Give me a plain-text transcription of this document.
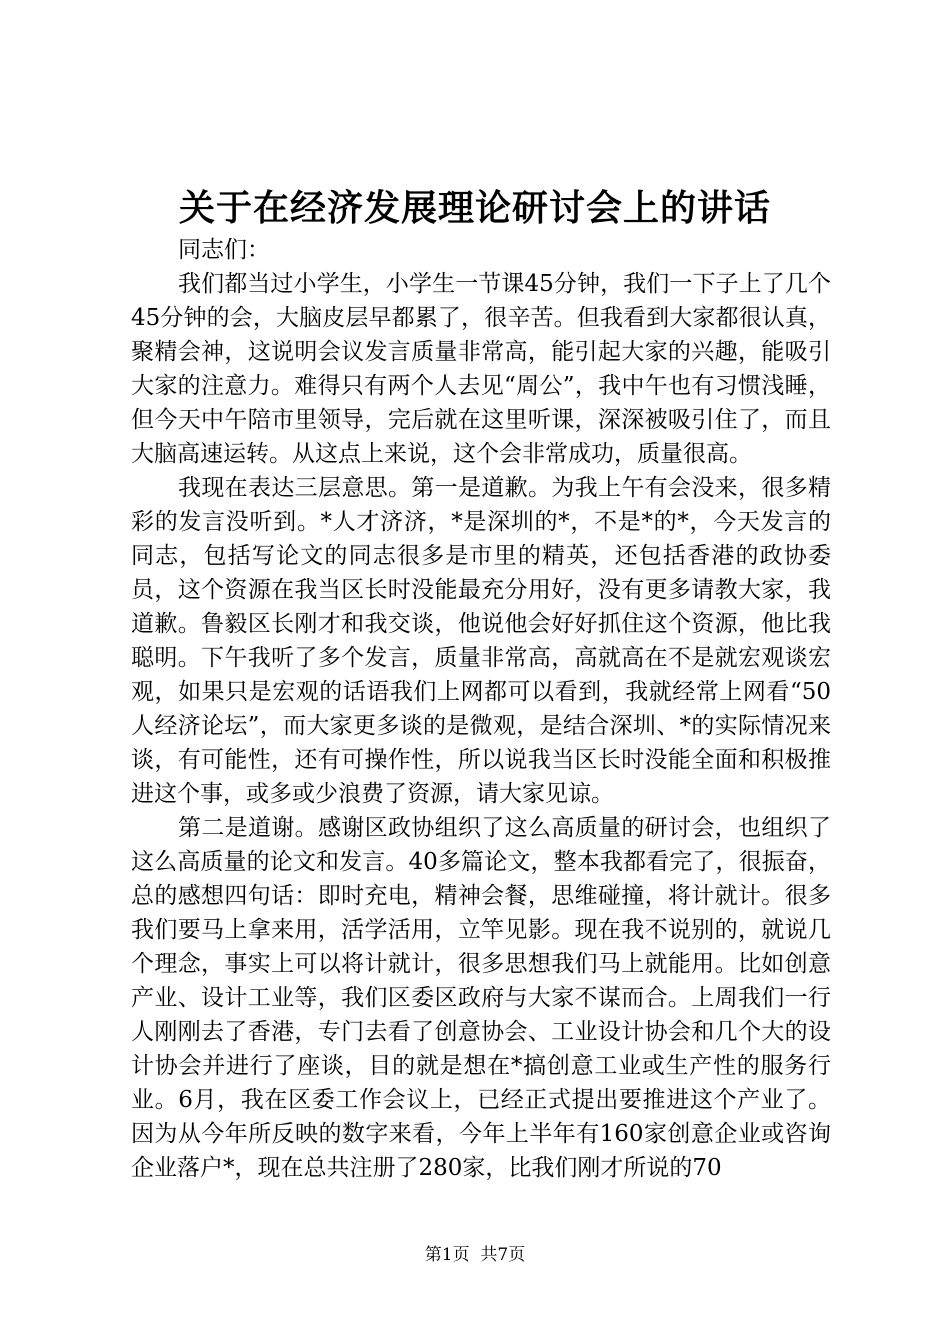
关于在经济发展理论研讨会上的讲话

同志们：

我们都当过小学生，小学生一节课45分钟，我们一下子上了几个45分钟的会，大脑皮层早都累了，很辛苦。但我看到大家都很认真，聚精会神，这说明会议发言质量非常高，能引起大家的兴趣，能吸引大家的注意力。难得只有两个人去见“周公”，我中午也有习惯浅睡，但今天中午陪市里领导，完后就在这里听课，深深被吸引住了，而且大脑高速运转。从这点上来说，这个会非常成功，质量很高。

我现在表达三层意思。第一是道歉。为我上午有会没来，很多精彩的发言没听到。*人才济济，*是深圳的*，不是*的*，今天发言的同志，包括写论文的同志很多是市里的精英，还包括香港的政协委员，这个资源在我当区长时没能最充分用好，没有更多请教大家，我道歉。鲁毅区长刚才和我交谈，他说他会好好抓住这个资源，他比我聪明。下午我听了多个发言，质量非常高，高就高在不是就宏观谈宏观，如果只是宏观的话语我们上网都可以看到，我就经常上网看“50人经济论坛”，而大家更多谈的是微观，是结合深圳、*的实际情况来谈，有可能性，还有可操作性，所以说我当区长时没能全面和积极推进这个事，或多或少浪费了资源，请大家见谅。

第二是道谢。感谢区政协组织了这么高质量的研讨会，也组织了这么高质量的论文和发言。40多篇论文，整本我都看完了，很振奋，总的感想四句话：即时充电，精神会餐，思维碰撞，将计就计。很多我们要马上拿来用，活学活用，立竿见影。现在我不说别的，就说几个理念，事实上可以将计就计，很多思想我们马上就能用。比如创意产业、设计工业等，我们区委区政府与大家不谋而合。上周我们一行人刚刚去了香港，专门去看了创意协会、工业设计协会和几个大的设计协会并进行了座谈，目的就是想在*搞创意工业或生产性的服务行业。6月，我在区委工作会议上，已经正式提出要推进这个产业了。因为从今年所反映的数字来看，今年上半年有160家创意企业或咨询企业落户*，现在总共注册了280家，比我们刚才所说的70

第1页  共7页
